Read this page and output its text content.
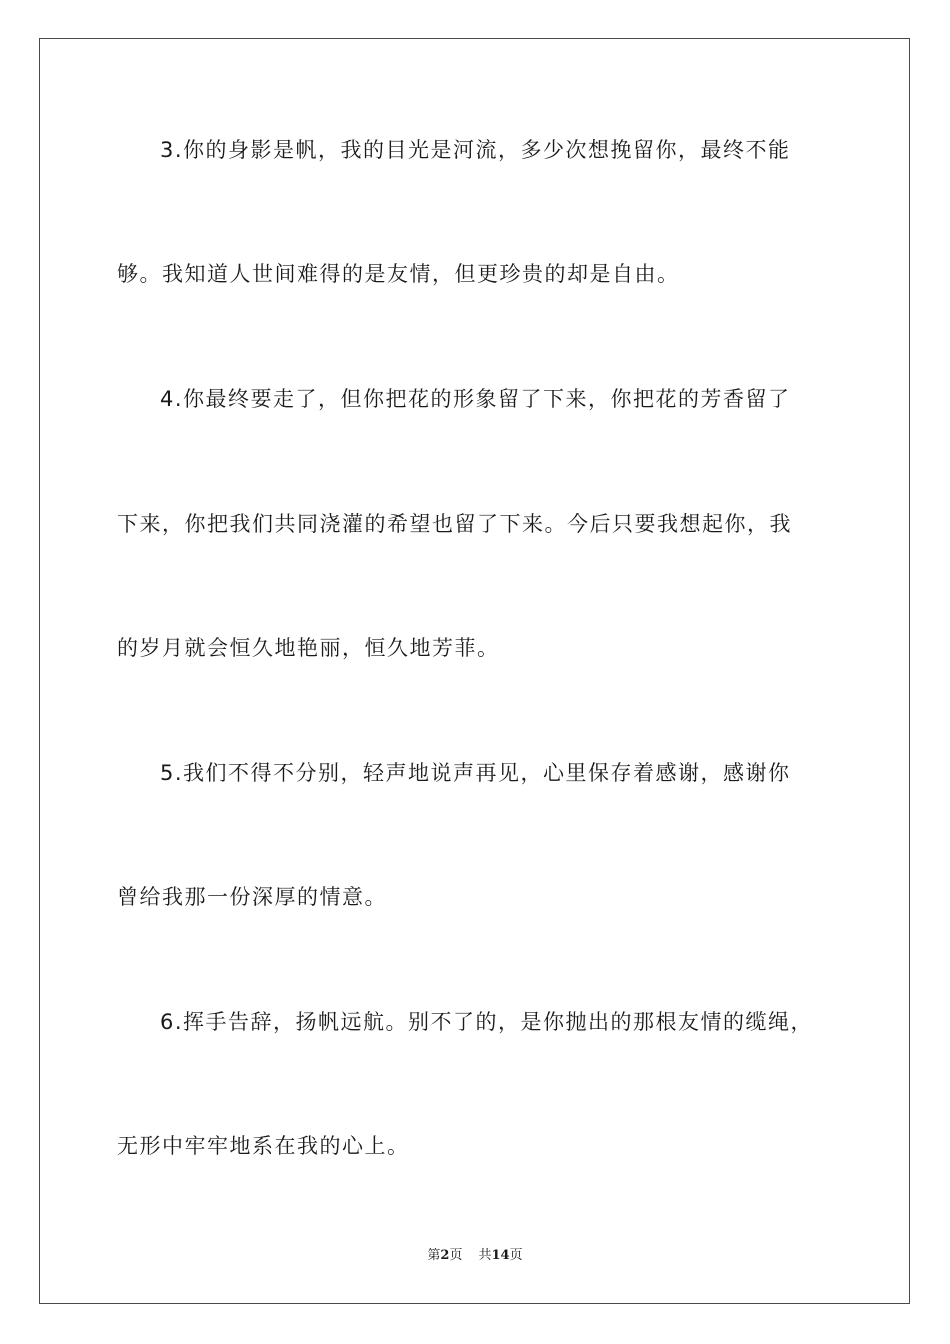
3.你的身影是帆，我的目光是河流，多少次想挽留你，最终不能
够。我知道人世间难得的是友情，但更珍贵的却是自由。
4.你最终要走了，但你把花的形象留了下来，你把花的芳香留了
下来，你把我们共同浇灌的希望也留了下来。今后只要我想起你，我
的岁月就会恒久地艳丽，恒久地芳菲。
5.我们不得不分别，轻声地说声再见，心里保存着感谢，感谢你
曾给我那一份深厚的情意。
6.挥手告辞，扬帆远航。别不了的，是你抛出的那根友情的缆绳，
无形中牢牢地系在我的心上。
第2页 共14页
